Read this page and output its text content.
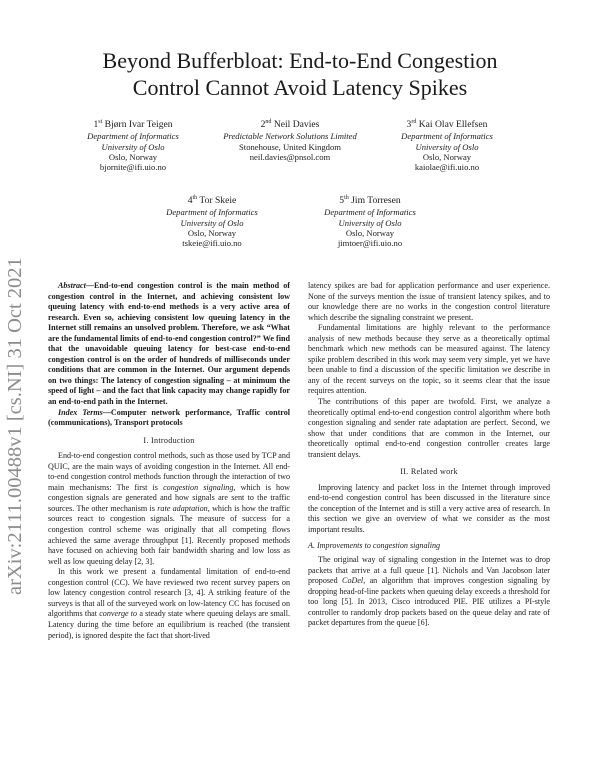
Beyond Bufferbloat: End-to-End Congestion Control Cannot Avoid Latency Spikes
1st Bjørn Ivar Teigen
Department of Informatics
University of Oslo
Oslo, Norway
bjornite@ifi.uio.no
2nd Neil Davies
Predictable Network Solutions Limited
Stonehouse, United Kingdom
neil.davies@pnsol.com
3rd Kai Olav Ellefsen
Department of Informatics
University of Oslo
Oslo, Norway
kaiolae@ifi.uio.no
4th Tor Skeie
Department of Informatics
University of Oslo
Oslo, Norway
tskeie@ifi.uio.no
5th Jim Torresen
Department of Informatics
University of Oslo
Oslo, Norway
jimtoer@ifi.uio.no
arXiv:2111.00488v1 [cs.NI] 31 Oct 2021	Abstract—End-to-end congestion control is the main method of congestion control in the Internet, and achieving consistent low queuing latency with end-to-end methods is a very active area of research. Even so, achieving consistent low queuing latency in the Internet still remains an unsolved problem. Therefore, we ask “What are the fundamental limits of end-to-end congestion control?” We find that the unavoidable queuing latency for best-case end-to-end congestion control is on the order of hundreds of milliseconds under conditions that are common in the Internet. Our argument depends on two things: The latency of congestion signaling – at minimum the speed of light – and the fact that link capacity may change rapidly for an end-to-end path in the Internet.

Index Terms—Computer network performance, Traffic control (communications), Transport protocols

I. Introduction

End-to-end congestion control methods, such as those used by TCP and QUIC, are the main ways of avoiding congestion in the Internet. All end-to-end congestion control methods function through the interaction of two main mechanisms: The first is congestion signaling, which is how congestion signals are generated and how signals are sent to the traffic sources. The other mechanism is rate adaptation, which is how the traffic sources react to congestion signals. The measure of success for a congestion control scheme was originally that all competing flows achieved the same average throughput [1]. Recently proposed methods have focused on achieving both fair bandwidth sharing and low loss as well as low queuing delay [2, 3].

In this work we present a fundamental limitation of end-to-end congestion control (CC). We have reviewed two recent survey papers on low latency congestion control research [3, 4]. A striking feature of the surveys is that all of the surveyed work on low-latency CC has focused on algorithms that converge to a steady state where queuing delays are small. Latency during the time before an equilibrium is reached (the transient period), is ignored despite the fact that short-lived

latency spikes are bad for application performance and user experience. None of the surveys mention the issue of transient latency spikes, and to our knowledge there are no works in the congestion control literature which describe the signaling constraint we present.

Fundamental limitations are highly relevant to the performance analysis of new methods because they serve as a theoretically optimal benchmark which new methods can be measured against. The latency spike problem described in this work may seem very simple, yet we have been unable to find a discussion of the specific limitation we describe in any of the recent surveys on the topic, so it seems clear that the issue requires attention.

The contributions of this paper are twofold. First, we analyze a theoretically optimal end-to-end congestion control algorithm where both congestion signaling and sender rate adaptation are perfect. Second, we show that under conditions that are common in the Internet, our theoretically optimal end-to-end congestion controller creates large transient delays.

II. Related work

Improving latency and packet loss in the Internet through improved end-to-end congestion control has been discussed in the literature since the conception of the Internet and is still a very active area of research. In this section we give an overview of what we consider as the most important results.

A. Improvements to congestion signaling

The original way of signaling congestion in the Internet was to drop packets that arrive at a full queue [1]. Nichols and Van Jacobson later proposed CoDel, an algorithm that improves congestion signaling by dropping head-of-line packets when queuing delay exceeds a threshold for too long [5]. In 2013, Cisco introduced PIE. PIE utilizes a PI-style controller to randomly drop packets based on the queue delay and rate of packet departures from the queue [6].
